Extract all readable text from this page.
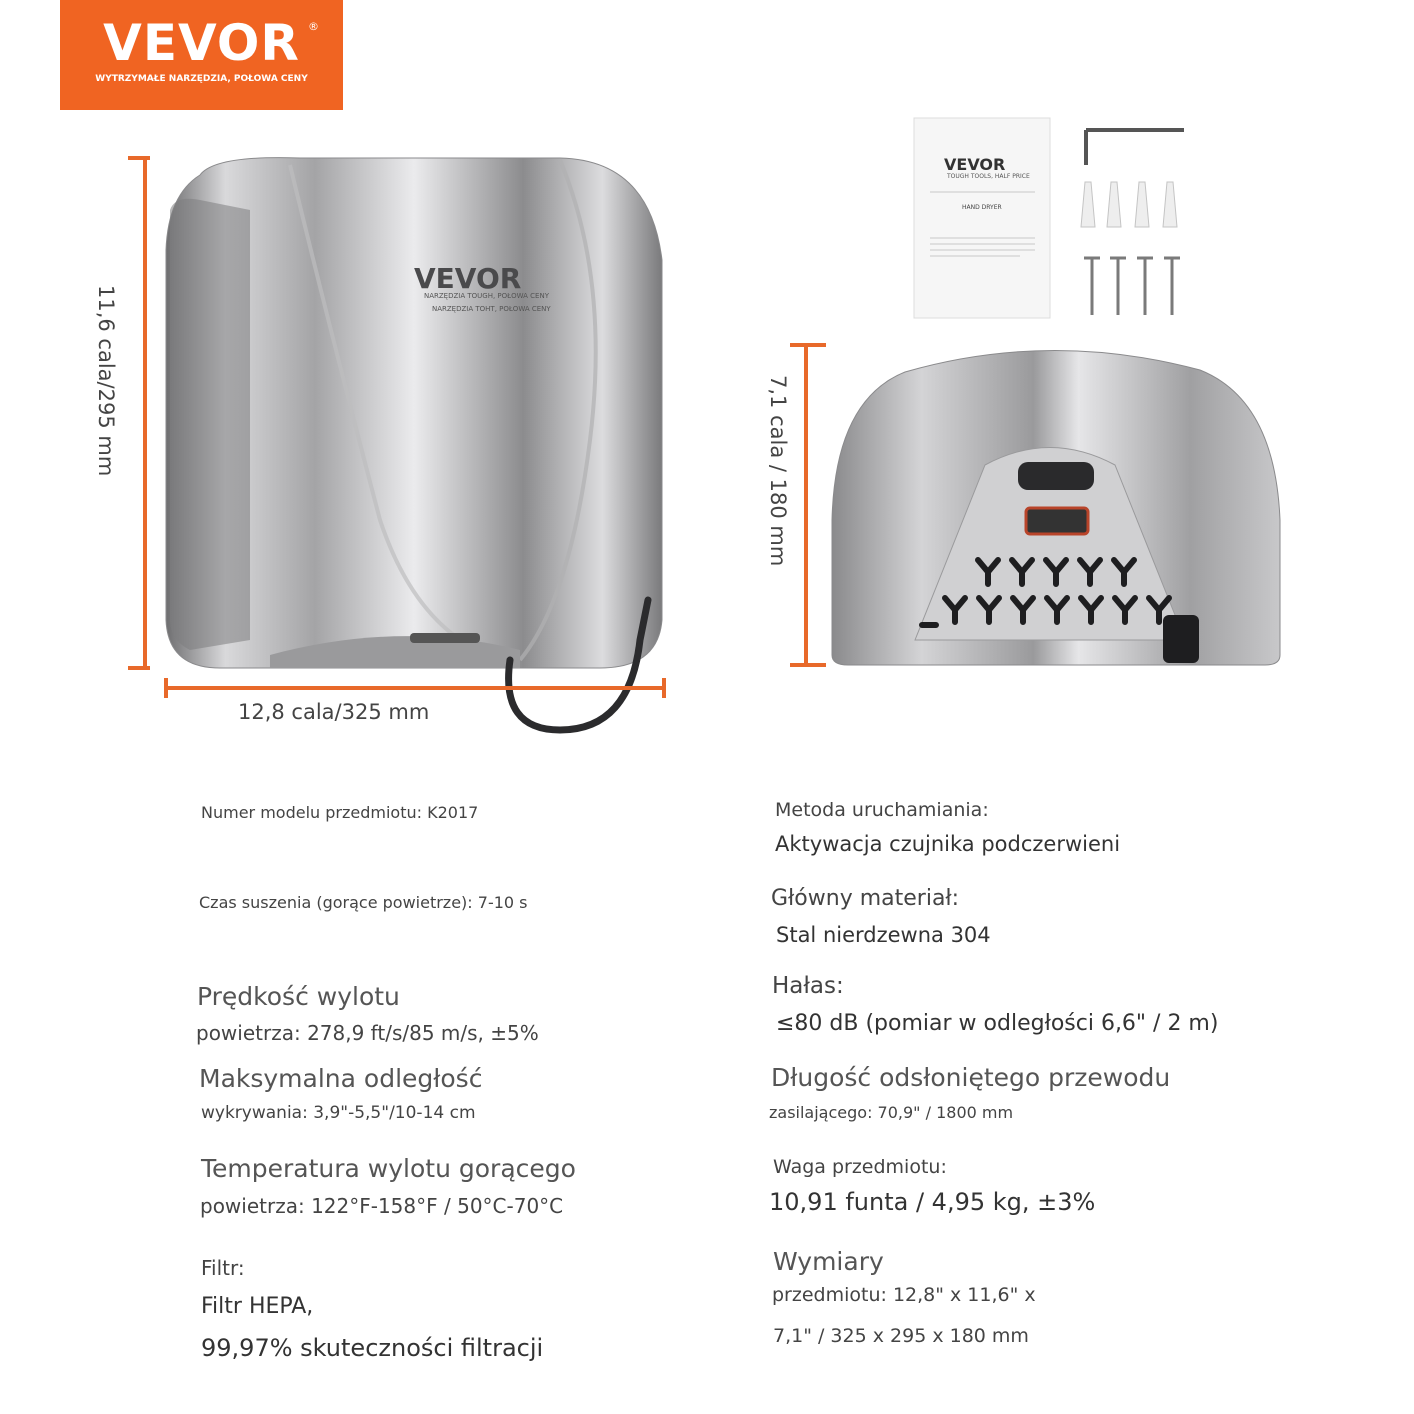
VEVOR ®
WYTRZYMAŁE NARZĘDZIA, POŁOWA CENY
VEVOR
NARZĘDZIA TOUGH, POŁOWA CENY
NARZĘDZIA TOHT, POŁOWA CENY
VEVOR
TOUGH TOOLS, HALF PRICE
HAND DRYER
11,6 cala/295 mm
12,8 cala/325 mm
7,1 cala / 180 mm
Numer modelu przedmiotu: K2017
Czas suszenia (gorące powietrze): 7-10 s
Prędkość wylotu
powietrza: 278,9 ft/s/85 m/s, ±5%
Maksymalna odległość
wykrywania: 3,9"-5,5"/10-14 cm
Temperatura wylotu gorącego
powietrza: 122°F-158°F / 50°C-70°C
Filtr:
Filtr HEPA,
99,97% skuteczności filtracji
Metoda uruchamiania:
Aktywacja czujnika podczerwieni
Główny materiał:
Stal nierdzewna 304
Hałas:
≤80 dB (pomiar w odległości 6,6" / 2 m)
Długość odsłoniętego przewodu
zasilającego: 70,9" / 1800 mm
Waga przedmiotu:
10,91 funta / 4,95 kg, ±3%
Wymiary
przedmiotu: 12,8" x 11,6" x
7,1" / 325 x 295 x 180 mm
